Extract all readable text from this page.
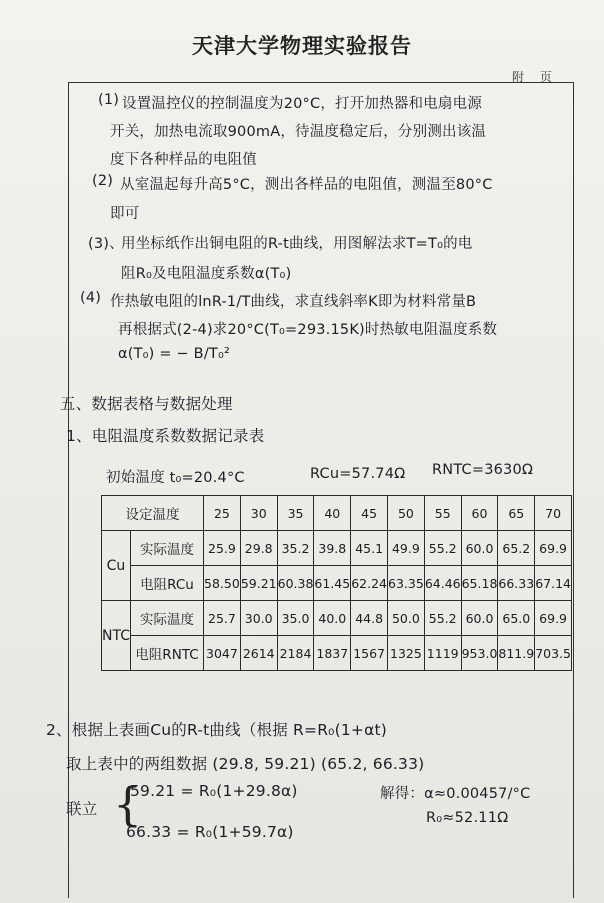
天津大学物理实验报告
附 页
(1) 设置温控仪的控制温度为20°C，打开加热器和电扇电源
开关，加热电流取900mA，待温度稳定后，分别测出该温
度下各种样品的电阻值
(2) 从室温起每升高5°C，测出各样品的电阻值，测温至80°C
即可
(3)、
用坐标纸作出铜电阻的R-t曲线，用图解法求T=T₀的电
阻R₀及电阻温度系数α(T₀)
(4) 作热敏电阻的lnR-1/T曲线，求直线斜率K即为材料常量B
再根据式(2-4)求20°C(T₀=293.15K)时热敏电阻温度系数
α(T₀) = − B/T₀²
五、数据表格与数据处理
1、电阻温度系数数据记录表
初始温度 t₀=20.4°C	RCu=57.74Ω RNTC=3630Ω
设定温度		25	30	35	40	45	50	55	60	65	70
Cu	实际温度	25.9	29.8	35.2	39.8	45.1	49.9	55.2	60.0	65.2	69.9
	电阻RCu	58.50	59.21	60.38	61.45	62.24	63.35	64.46	65.18	66.33	67.14
NTC	实际温度	25.7	30.0	35.0	40.0	44.8	50.0	55.2	60.0	65.0	69.9
	电阻RNTC	3047	2614	2184	1837	1567	1325	1119	953.0	811.9	703.5
2、根据上表画Cu的R-t曲线（根据 R=R₀(1+αt)
取上表中的两组数据 (29.8, 59.21) (65.2, 66.33)
联立 {
59.21 = R₀(1+29.8α)
66.33 = R₀(1+59.7α)
解得：α≈0.00457/°C
R₀≈52.11Ω
